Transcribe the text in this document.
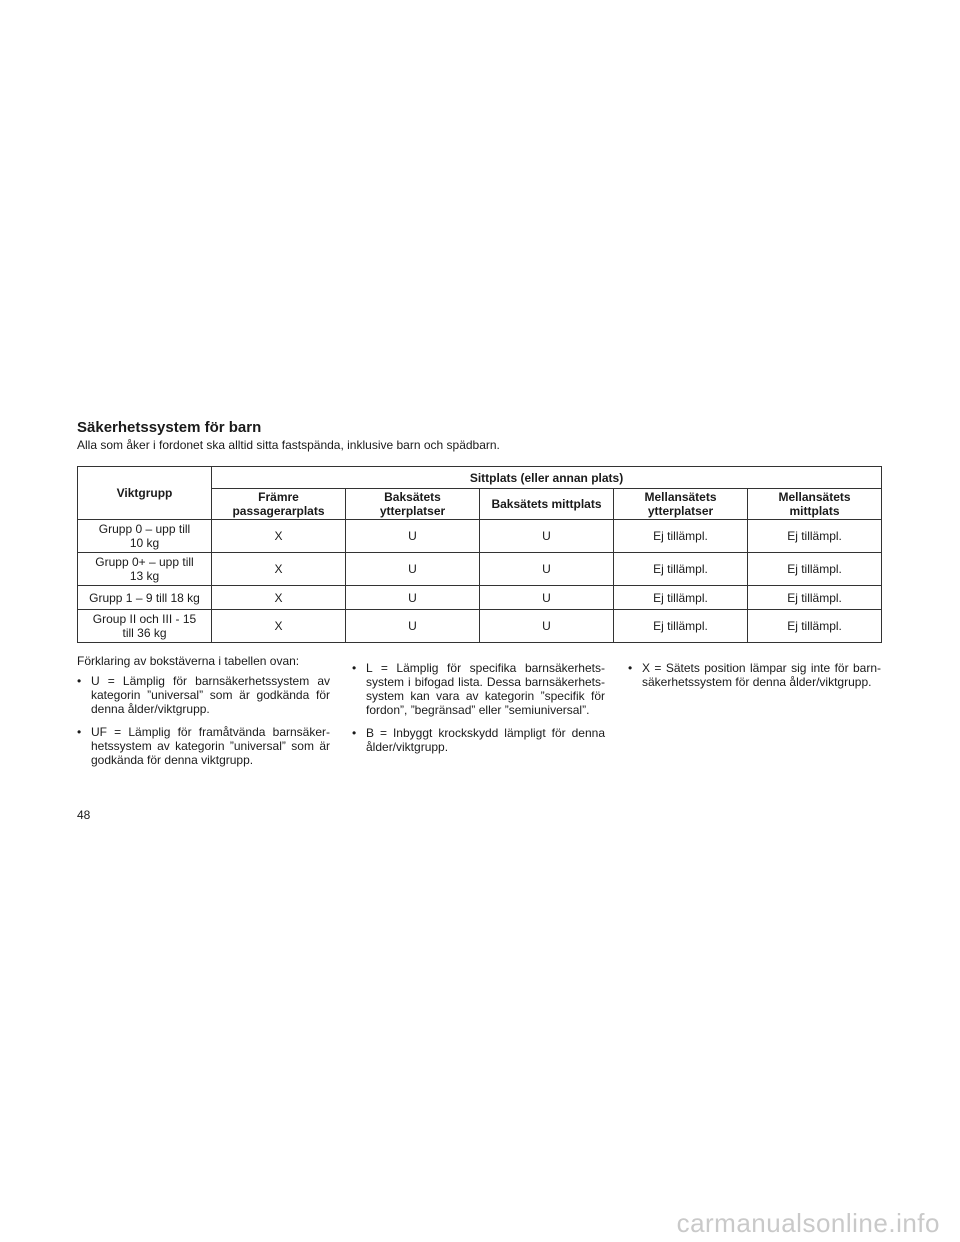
Säkerhetssystem för barn

Alla som åker i fordonet ska alltid sitta fastspända, inklusive barn och spädbarn.

Viktgrupp	Sittplats (eller annan plats)				
	Främre
passagerarplats	Baksätets
ytterplatser	Baksätets mittplats	Mellansätets
ytterplatser	Mellansätets
mittplats
Grupp 0 – upp till
10 kg	X	U	U	Ej tillämpl.	Ej tillämpl.
Grupp 0+ – upp till
13 kg	X	U	U	Ej tillämpl.	Ej tillämpl.
Grupp 1 – 9 till 18 kg	X	U	U	Ej tillämpl.	Ej tillämpl.
Group II och III - 15
till 36 kg	X	U	U	Ej tillämpl.	Ej tillämpl.

Förklaring av bokstäverna i tabellen ovan:

• U = Lämplig för barnsäkerhetssystem av kategorin ”universal” som är godkända för denna ålder/viktgrupp.

• UF = Lämplig för framåtvända barnsäker-hetssystem av kategorin ”universal” som är godkända för denna viktgrupp.

• L = Lämplig för specifika barnsäkerhets-system i bifogad lista. Dessa barnsäkerhets-system kan vara av kategorin ”specifik för fordon”, ”begränsad” eller ”semiuniversal”.

• B = Inbyggt krockskydd lämpligt för denna ålder/viktgrupp.

• X = Sätets position lämpar sig inte för barn-säkerhetssystem för denna ålder/viktgrupp.

48
carmanualsonline.info
